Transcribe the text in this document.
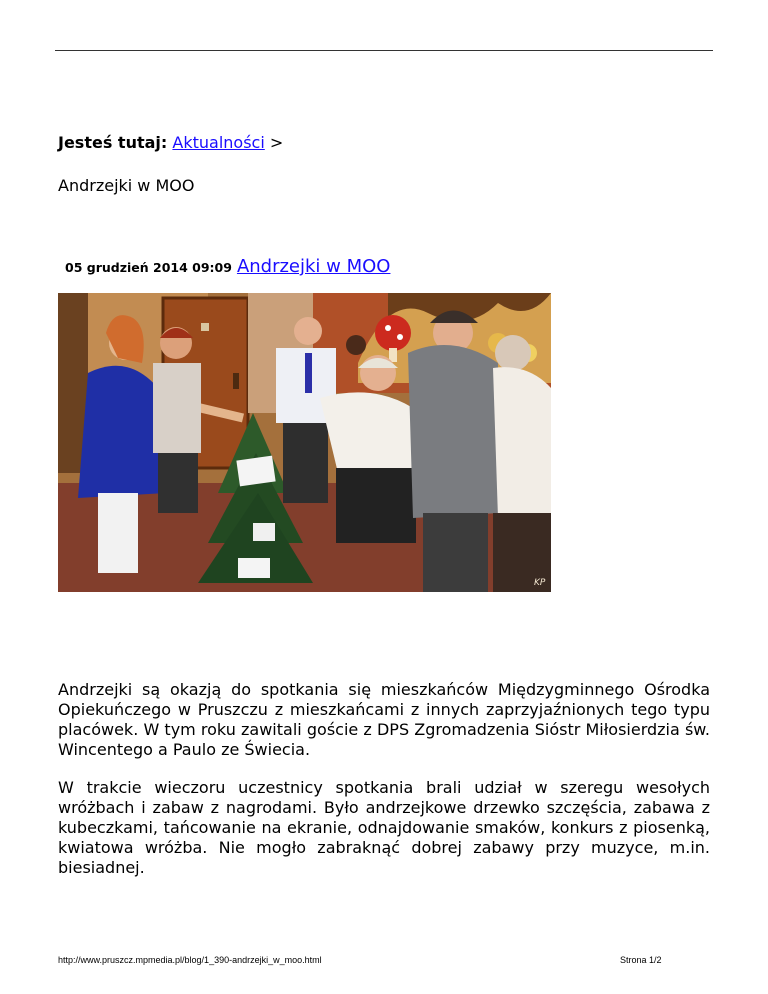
Jesteś tutaj: Aktualności >
Andrzejki w MOO
05 grudzień 2014 09:09 Andrzejki w MOO
KP

Andrzejki są okazją do spotkania się mieszkańców Międzygminnego Ośrodka Opiekuńczego w Pruszczu z mieszkańcami z innych zaprzyjaźnionych tego typu placówek. W tym roku zawitali goście z DPS Zgromadzenia Sióstr Miłosierdzia św. Wincentego a Paulo ze Świecia.

W trakcie wieczoru uczestnicy spotkania brali udział w szeregu wesołych wróżbach i zabaw z nagrodami. Było andrzejkowe drzewko szczęścia, zabawa z kubeczkami, tańcowanie na ekranie, odnajdowanie smaków, konkurs z piosenką, kwiatowa wróżba. Nie mogło zabraknąć dobrej zabawy przy muzyce, m.in. biesiadnej.

http://www.pruszcz.mpmedia.pl/blog/1_390-andrzejki_w_moo.html	Strona 1/2
